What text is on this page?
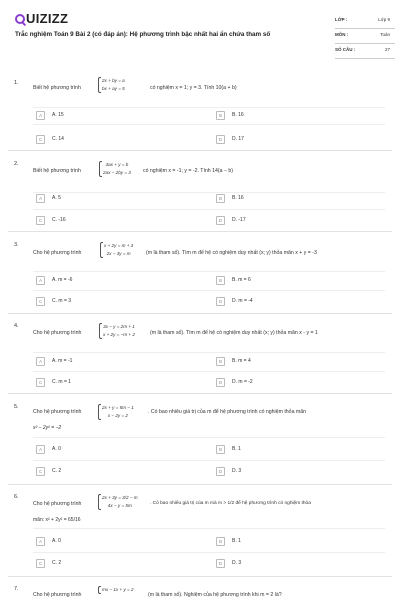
UIZIZZ
Trắc nghiệm Toán 9 Bài 2 (có đáp án): Hệ phương trình bậc nhất hai ẩn chứa tham số
LỚP :	Lớp 9
MÔN :	Toán
SỐ CÂU :	27
1.
Biết hệ phương trình
2x + by = a
bx + ay = 5	có nghiệm x = 1; y = 3. Tính 10(a + b)
A	A. 15	B	B. 16
C	C. 14	D	D. 17
2.
Biết hệ phương trình
3ax + y = b
2ax − 2by = 3 có nghiệm x = -1; y = -2. Tính 14(a − b)
A	A. 5	B	B. 16
C	C. -16	D	D. -17
3.
Cho hệ phương trình
x + 2y = m + 3
2x − 3y = m	(m là tham số). Tìm m để hệ có nghiệm duy nhất (x; y) thỏa mãn x + y = -3
A	A. m = -6	B	B. m = 6
C	C. m = 3	D	D. m = -4
4.
Cho hệ phương trình
3x − y = 2m + 1
x + 2y = −m + 2	(m là tham số). Tìm m để hệ có nghiệm duy nhất (x; y) thỏa mãn x - y = 1
A	A. m = -1	B	B. m = 4
C	C. m = 1	D	D. m = -2
5.
Cho hệ phương trình
2x + y = 5m − 1
x − 2y = 2
. Có bao nhiêu giá trị của m để hệ phương trình có nghiệm thỏa mãn
x² − 2y² = −2
A	A. 0	B	B. 1
C	C. 2	D	D. 3
6.
Cho hệ phương trình
2x + 3y = 3/2 − m
4x − y = 5m	. Có bao nhiêu giá trị của m mà m > 1/2 để hệ phương trình có nghiệm thỏa
mãn: x² + 2y² = 65/16
A	A. 0	B	B. 1
C	C. 2	D	D. 3
7.
Cho hệ phương trình
mx − 1x + y = 2
(m là tham số). Nghiệm của hệ phương trình khi m = 2 là?
